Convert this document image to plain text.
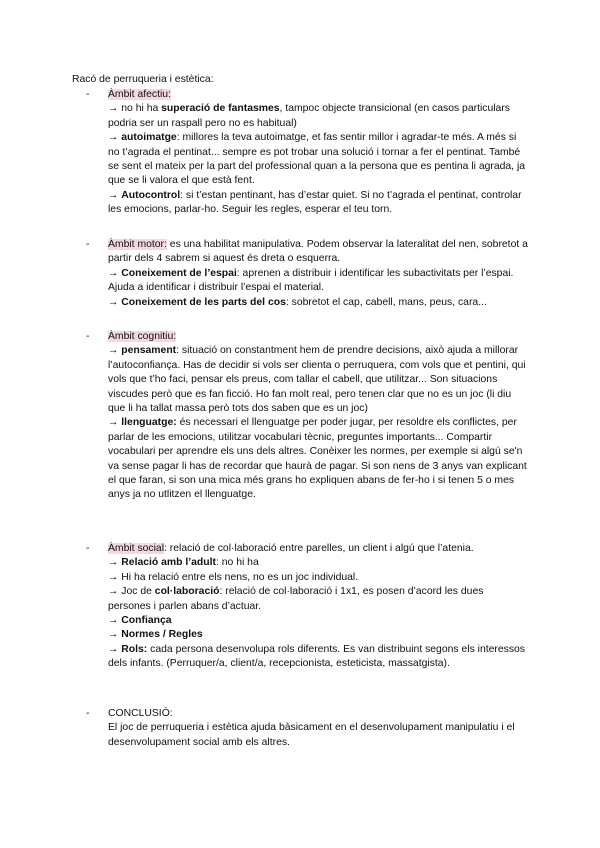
Racó de perruqueria i estètica:
-	Àmbit afectiu:

→ no hi ha superació de fantasmes, tampoc objecte transicional (en casos particulars podria ser un raspall pero no es habitual)

→ autoimatge: millores la teva autoimatge, et fas sentir millor i agradar-te més. A més si no t’agrada el pentinat... sempre es pot trobar una solució i tornar a fer el pentinat. També se sent el mateix per la part del professional quan a la persona que es pentina li agrada, ja que se li valora el que està fent.

→ Autocontrol: si t’estan pentinant, has d’estar quiet. Si no t’agrada el pentinat, controlar les emocions, parlar-ho. Seguir les regles, esperar el teu torn.

-	Àmbit motor: es una habilitat manipulativa. Podem observar la lateralitat del nen, sobretot a partir dels 4 sabrem si aquest és dreta o esquerra.

→ Coneixement de l’espai: aprenen a distribuir i identificar les subactivitats per l’espai. Ajuda a identificar i distribuir l’espai el material.

→ Coneixement de les parts del cos: sobretot el cap, cabell, mans, peus, cara...

-	Àmbit cognitiu:

→ pensament: situació on constantment hem de prendre decisions, això ajuda a millorar l’autoconfiança. Has de decidir si vols ser clienta o perruquera, com vols que et pentini, qui vols que t’ho faci, pensar els preus, com tallar el cabell, que utilitzar... Son situacions viscudes però que es fan ficció. Ho fan molt real, pero tenen clar que no es un joc (li diu que li ha tallat massa però tots dos saben que es un joc)

→ llenguatge: és necessari el llenguatge per poder jugar, per resoldre els conflictes, per parlar de les emocions, utilitzar vocabulari tècnic, preguntes importants... Compartir vocabulari per aprendre els uns dels altres. Conèixer les normes, per exemple si algú se'n va sense pagar li has de recordar que haurà de pagar. Si son nens de 3 anys van explicant el que faran, si son una mica més grans ho expliquen abans de fer-ho i si tenen 5 o mes anys ja no utlitzen el llenguatge.

-	Àmbit social: relació de col·laboració entre parelles, un client i algú que l’atenia.

→ Relació amb l’adult: no hi ha

→ Hi ha relació entre els nens, no es un joc individual.

→ Joc de col·laboració: relació de col·laboració i 1x1, es posen d’acord les dues persones i parlen abans d’actuar.

→ Confiança

→ Normes / Regles

→ Rols: cada persona desenvolupa rols diferents. Es van distribuint segons els interessos dels infants. (Perruquer/a, client/a, recepcionista, esteticista, massatgista).

-	CONCLUSIÓ:

El joc de perruqueria i estètica ajuda bàsicament en el desenvolupament manipulatiu i el desenvolupament social amb els altres.
